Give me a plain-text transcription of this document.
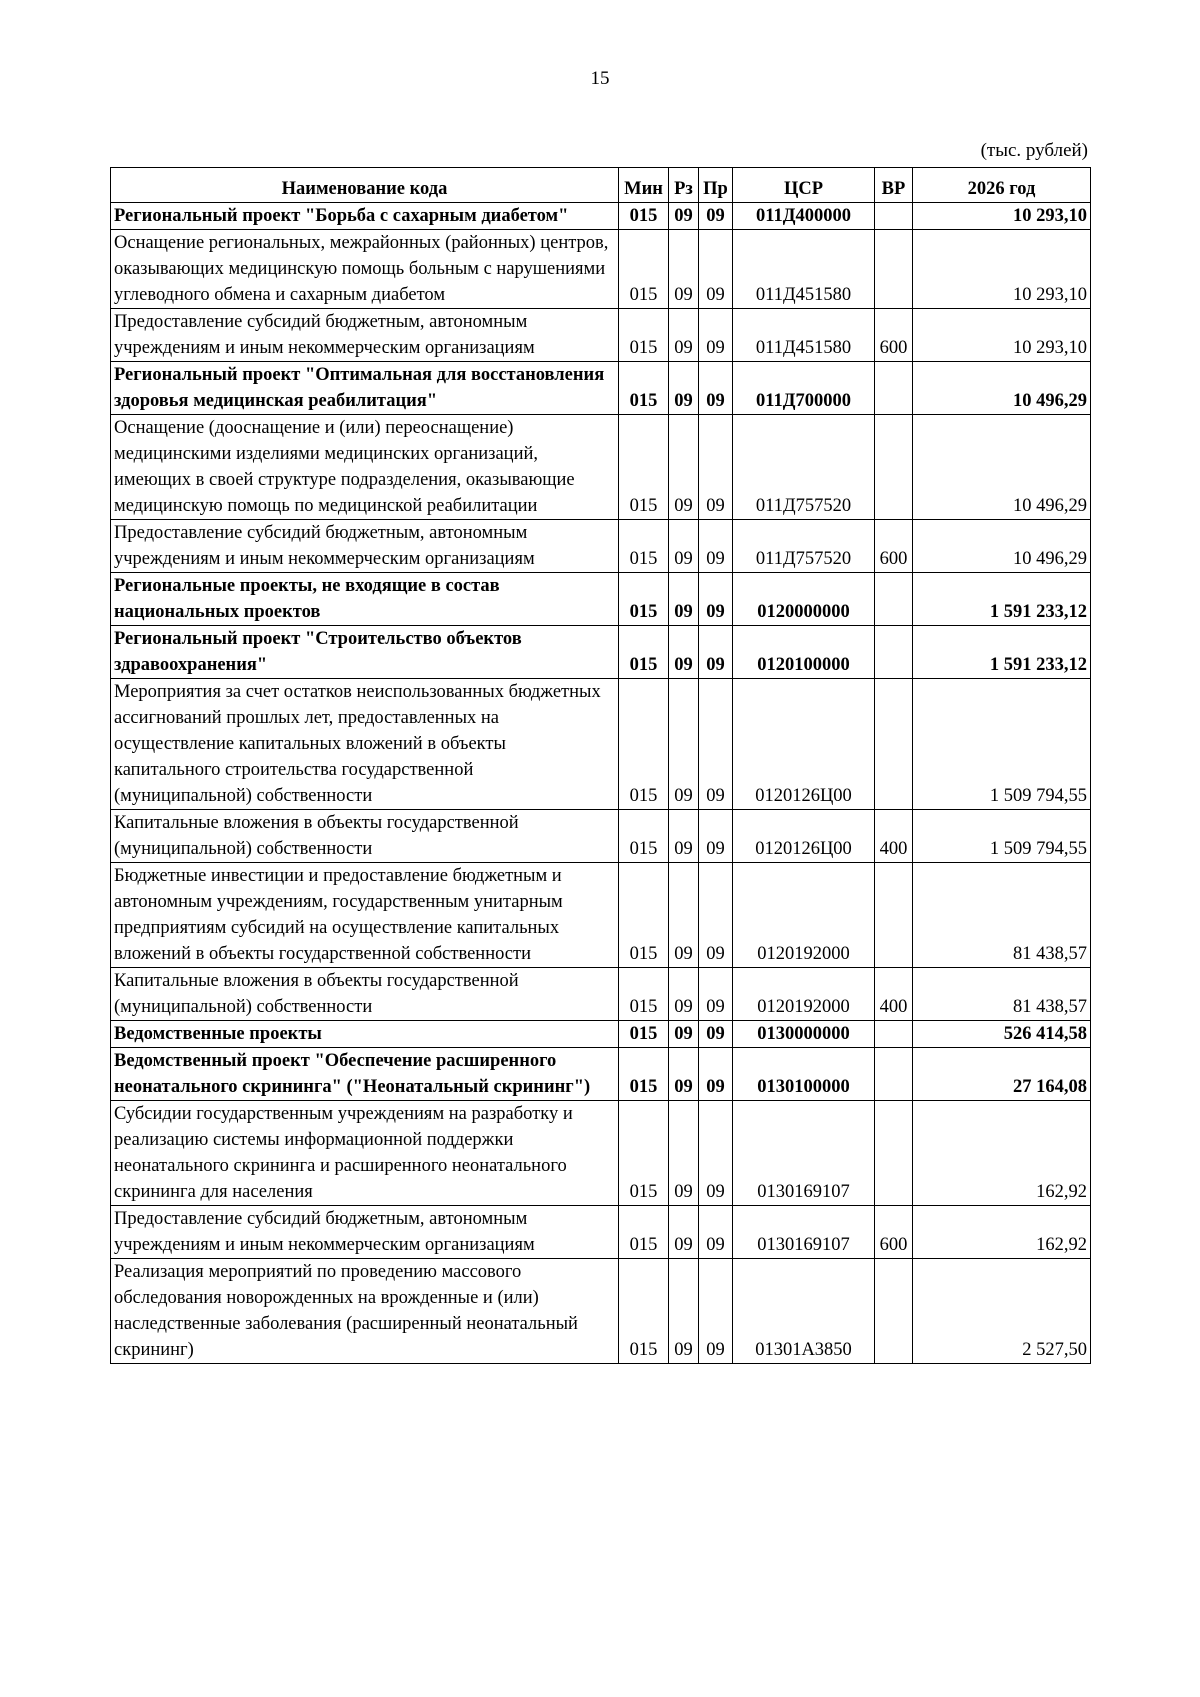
15
(тыс. рублей)
Наименование кода	Мин	Рз	Пр	ЦСР	ВР	2026 год
Региональный проект "Борьба с сахарным диабетом"	015	09	09	011Д400000		10 293,10
Оснащение региональных, межрайонных (районных) центров, оказывающих медицинскую помощь больным с нарушениями углеводного обмена и сахарным диабетом	015	09	09	011Д451580		10 293,10
Предоставление субсидий бюджетным, автономным учреждениям и иным некоммерческим организациям	015	09	09	011Д451580	600	10 293,10
Региональный проект "Оптимальная для восстановления здоровья медицинская реабилитация"	015	09	09	011Д700000		10 496,29
Оснащение (дооснащение и (или) переоснащение) медицинскими изделиями медицинских организаций, имеющих в своей структуре подразделения, оказывающие медицинскую помощь по медицинской реабилитации	015	09	09	011Д757520		10 496,29
Предоставление субсидий бюджетным, автономным учреждениям и иным некоммерческим организациям	015	09	09	011Д757520	600	10 496,29
Региональные проекты, не входящие в состав национальных проектов	015	09	09	0120000000		1 591 233,12
Региональный проект "Строительство объектов здравоохранения"	015	09	09	0120100000		1 591 233,12
Мероприятия за счет остатков неиспользованных бюджетных ассигнований прошлых лет, предоставленных на осуществление капитальных вложений в объекты капитального строительства государственной (муниципальной) собственности	015	09	09	0120126Ц00		1 509 794,55
Капитальные вложения в объекты государственной (муниципальной) собственности	015	09	09	0120126Ц00	400	1 509 794,55
Бюджетные инвестиции и предоставление бюджетным и автономным учреждениям, государственным унитарным предприятиям субсидий на осуществление капитальных вложений в объекты государственной собственности	015	09	09	0120192000		81 438,57
Капитальные вложения в объекты государственной (муниципальной) собственности	015	09	09	0120192000	400	81 438,57
Ведомственные проекты	015	09	09	0130000000		526 414,58
Ведомственный проект "Обеспечение расширенного неонатального скрининга" ("Неонатальный скрининг")	015	09	09	0130100000		27 164,08
Субсидии государственным учреждениям на разработку и реализацию системы информационной поддержки неонатального скрининга и расширенного неонатального скрининга для населения	015	09	09	0130169107		162,92
Предоставление субсидий бюджетным, автономным учреждениям и иным некоммерческим организациям	015	09	09	0130169107	600	162,92
Реализация мероприятий по проведению массового обследования новорожденных на врожденные и (или) наследственные заболевания (расширенный неонатальный скрининг)	015	09	09	01301А3850		2 527,50
